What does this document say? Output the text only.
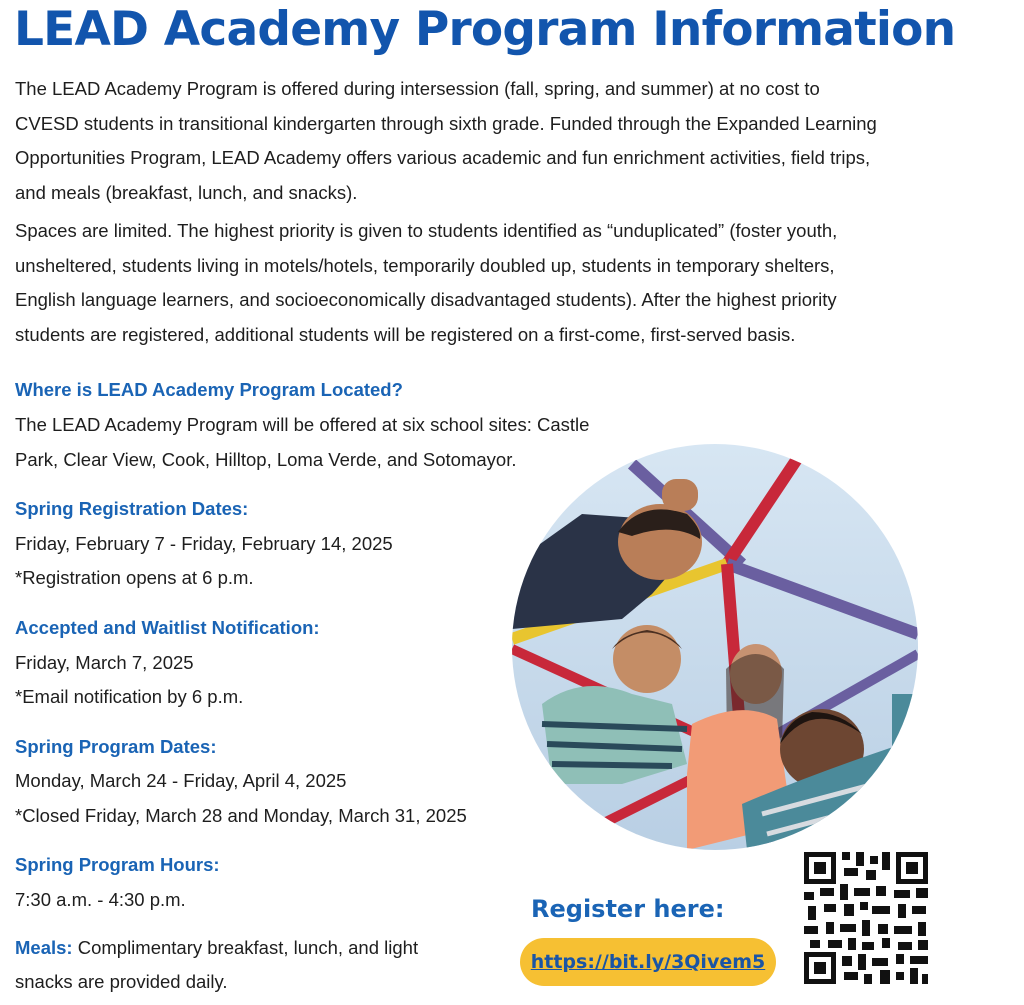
LEAD Academy Program Information

The LEAD Academy Program is offered during intersession (fall, spring, and summer) at no cost to
CVESD students in transitional kindergarten through sixth grade. Funded through the Expanded Learning
Opportunities Program, LEAD Academy offers various academic and fun enrichment activities, field trips,
and meals (breakfast, lunch, and snacks).

Spaces are limited. The highest priority is given to students identified as “unduplicated” (foster youth,
unsheltered, students living in motels/hotels, temporarily doubled up, students in temporary shelters,
English language learners, and socioeconomically disadvantaged students). After the highest priority
students are registered, additional students will be registered on a first-come, first-served basis.

Where is LEAD Academy Program Located?

The LEAD Academy Program will be offered at six school sites: Castle

Park, Clear View, Cook, Hilltop, Loma Verde, and Sotomayor.

Spring Registration Dates:

Friday, February 7 - Friday, February 14, 2025

*Registration opens at 6 p.m.

Accepted and Waitlist Notification:

Friday, March 7, 2025

*Email notification by 6 p.m.

Spring Program Dates:

Monday, March 24 - Friday, April 4, 2025

*Closed Friday, March 28 and Monday, March 31, 2025

Spring Program Hours:

7:30 a.m. - 4:30 p.m.

Meals: Complimentary breakfast, lunch, and light

snacks are provided daily.

Register here:

https://bit.ly/3Qivem5
